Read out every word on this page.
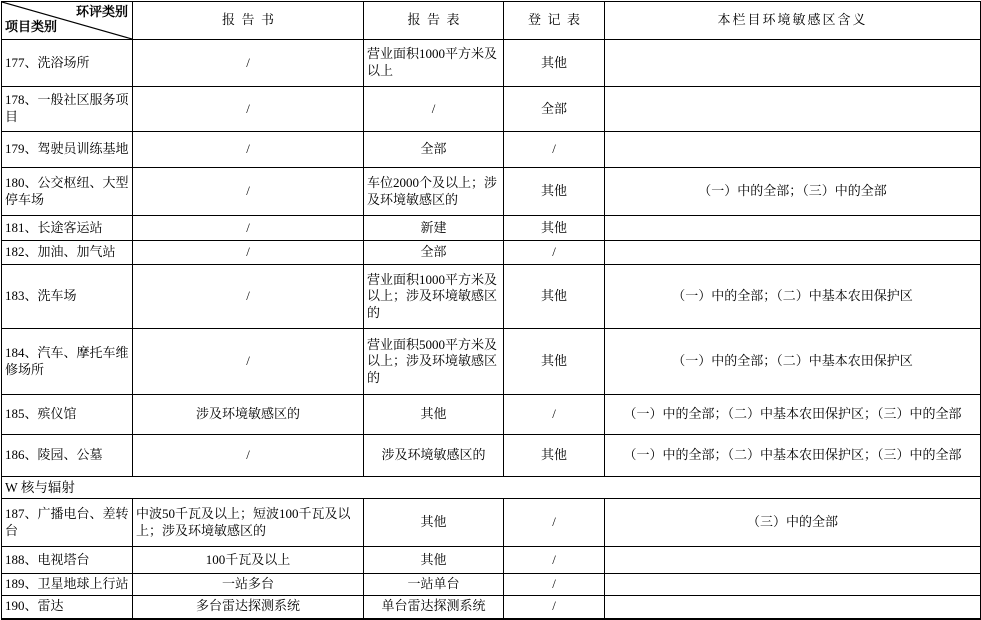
环评类别
项目类别	报告书	报告表	登记表	本栏目环境敏感区含义
177、洗浴场所	/	营业面积1000平方米及以上	其他	
178、一般社区服务项目	/	/	全部	
179、驾驶员训练基地	/	全部	/	
180、公交枢纽、大型停车场	/	车位2000个及以上；涉及环境敏感区的	其他	（一）中的全部；（三）中的全部
181、长途客运站	/	新建	其他	
182、加油、加气站	/	全部	/	
183、洗车场	/	营业面积1000平方米及以上；涉及环境敏感区的	其他	（一）中的全部；（二）中基本农田保护区
184、汽车、摩托车维修场所	/	营业面积5000平方米及以上；涉及环境敏感区的	其他	（一）中的全部；（二）中基本农田保护区
185、殡仪馆	涉及环境敏感区的	其他	/	（一）中的全部；（二）中基本农田保护区；（三）中的全部
186、陵园、公墓	/	涉及环境敏感区的	其他	（一）中的全部；（二）中基本农田保护区；（三）中的全部
W 核与辐射				
187、广播电台、差转台	中波50千瓦及以上；短波100千瓦及以上；涉及环境敏感区的	其他	/	（三）中的全部
188、电视塔台	100千瓦及以上	其他	/	
189、卫星地球上行站	一站多台	一站单台	/	
190、雷达	多台雷达探测系统	单台雷达探测系统	/	
